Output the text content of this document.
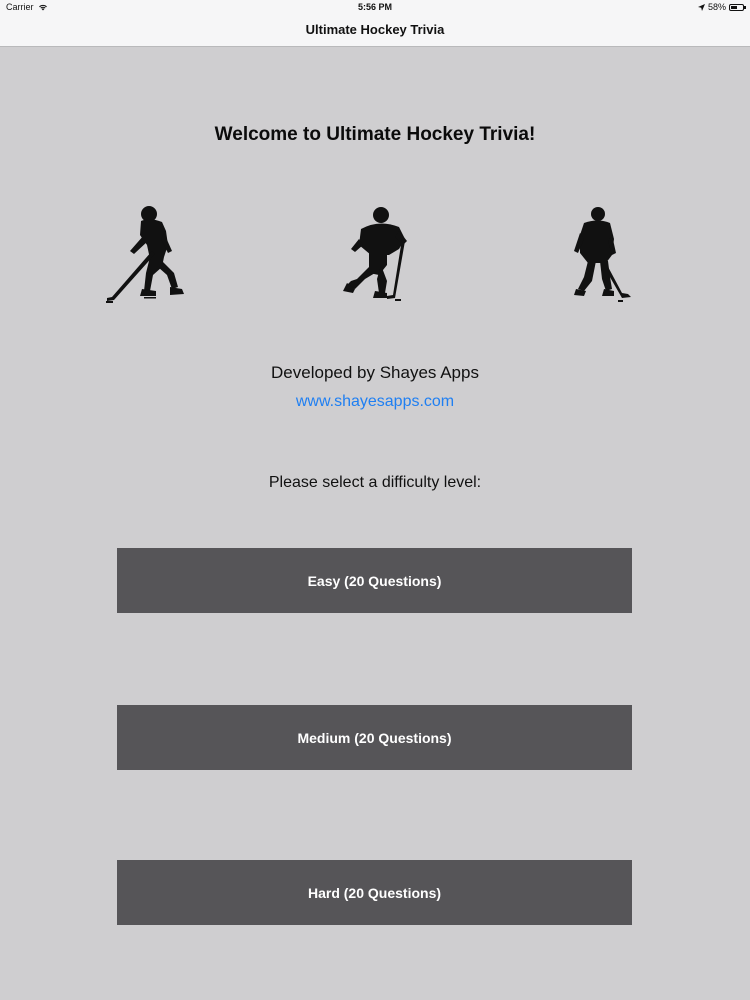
Carrier	5:56 PM	58%
Ultimate Hockey Trivia
Welcome to Ultimate Hockey Trivia!
Developed by Shayes Apps
www.shayesapps.com
Please select a difficulty level:
Easy (20 Questions)
Medium (20 Questions)
Hard (20 Questions)
